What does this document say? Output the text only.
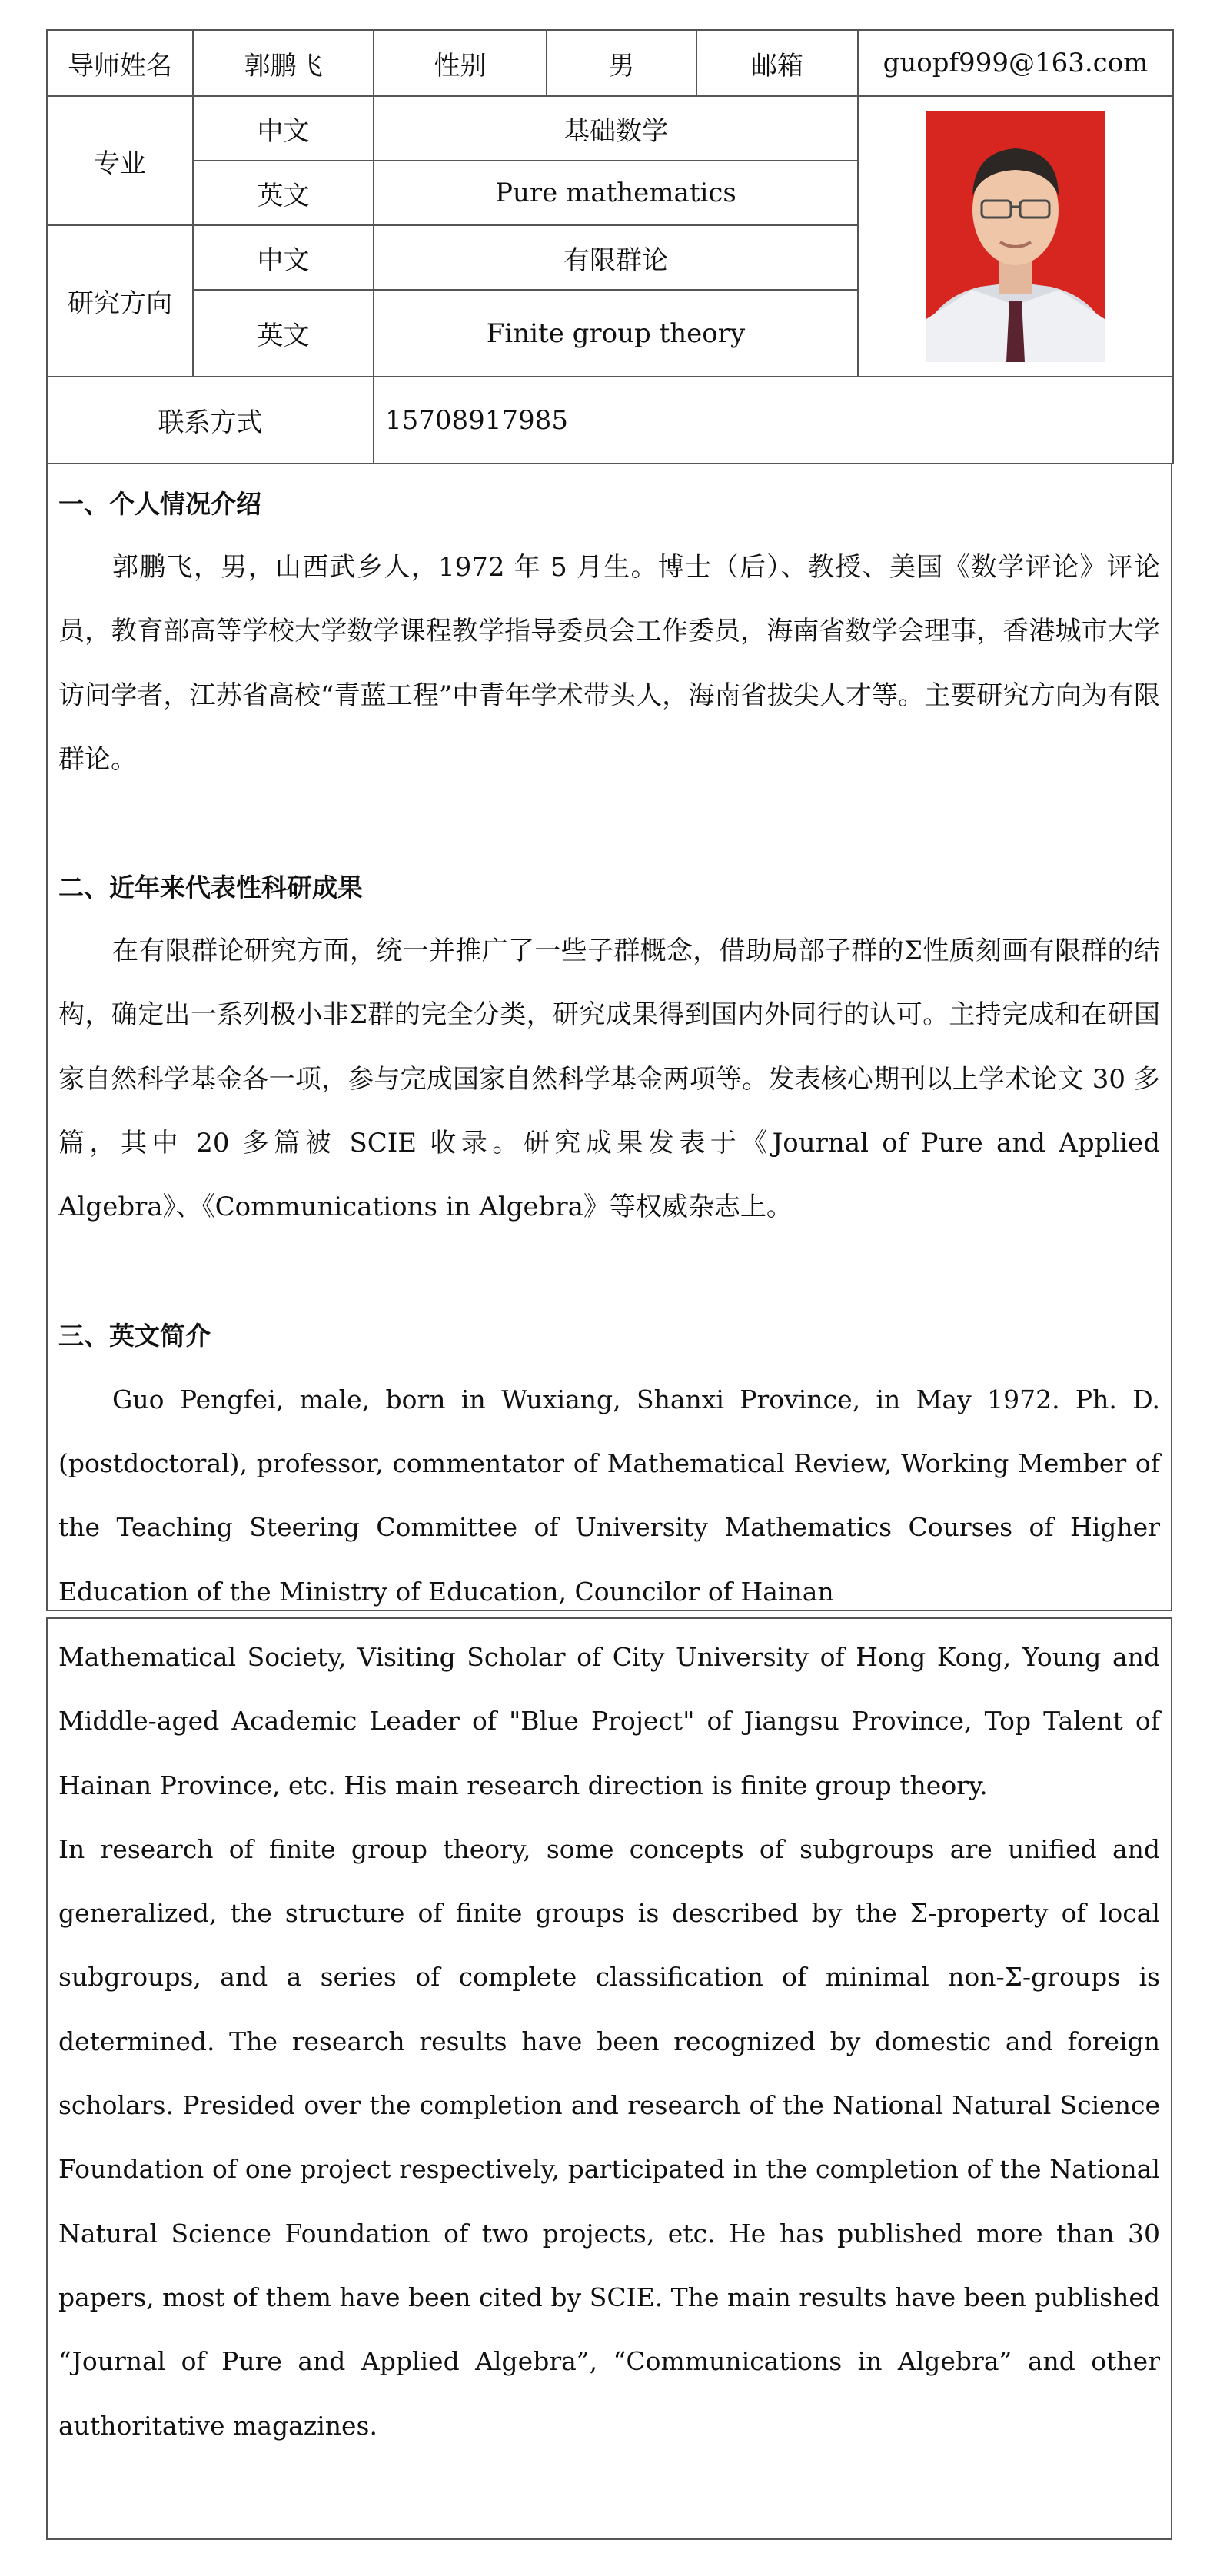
导师姓名	郭鹏飞	性别	男	邮箱	guopf999@163.com
专业	中文	基础数学	

	英文	Pure mathematics			
研究方向	中文	有限群论			
	英文	Finite group theory			
联系方式		15708917985			
一、个人情况介绍
郭鹏飞，男，山西武乡人，1972 年 5 月生。博士（后）、教授、美国《数学评论》评论员，教育部高等学校大学数学课程教学指导委员会工作委员，海南省数学会理事，香港城市大学访问学者，江苏省高校“青蓝工程”中青年学术带头人，海南省拔尖人才等。主要研究方向为有限群论。
二、近年来代表性科研成果
在有限群论研究方面，统一并推广了一些子群概念，借助局部子群的Σ性质刻画有限群的结构，确定出一系列极小非Σ群的完全分类，研究成果得到国内外同行的认可。主持完成和在研国家自然科学基金各一项，参与完成国家自然科学基金两项等。发表核心期刊以上学术论文 30 多篇，其中 20 多篇被 SCIE 收录。研究成果发表于《Journal of Pure and Applied Algebra》、《Communications in Algebra》等权威杂志上。
三、英文简介
Guo Pengfei, male, born in Wuxiang, Shanxi Province, in May 1972. Ph. D. (postdoctoral), professor, commentator of Mathematical Review, Working Member of the Teaching Steering Committee of University Mathematics Courses of Higher Education of the Ministry of Education, Councilor of Hainan
Mathematical Society, Visiting Scholar of City University of Hong Kong, Young and Middle-aged Academic Leader of "Blue Project" of Jiangsu Province, Top Talent of Hainan Province, etc. His main research direction is finite group theory.
In research of finite group theory, some concepts of subgroups are unified and generalized, the structure of finite groups is described by the Σ-property of local subgroups, and a series of complete classification of minimal non-Σ-groups is determined. The research results have been recognized by domestic and foreign scholars. Presided over the completion and research of the National Natural Science Foundation of one project respectively, participated in the completion of the National Natural Science Foundation of two projects, etc. He has published more than 30 papers, most of them have been cited by SCIE. The main results have been published “Journal of Pure and Applied Algebra”, “Communications in Algebra” and other authoritative magazines.
